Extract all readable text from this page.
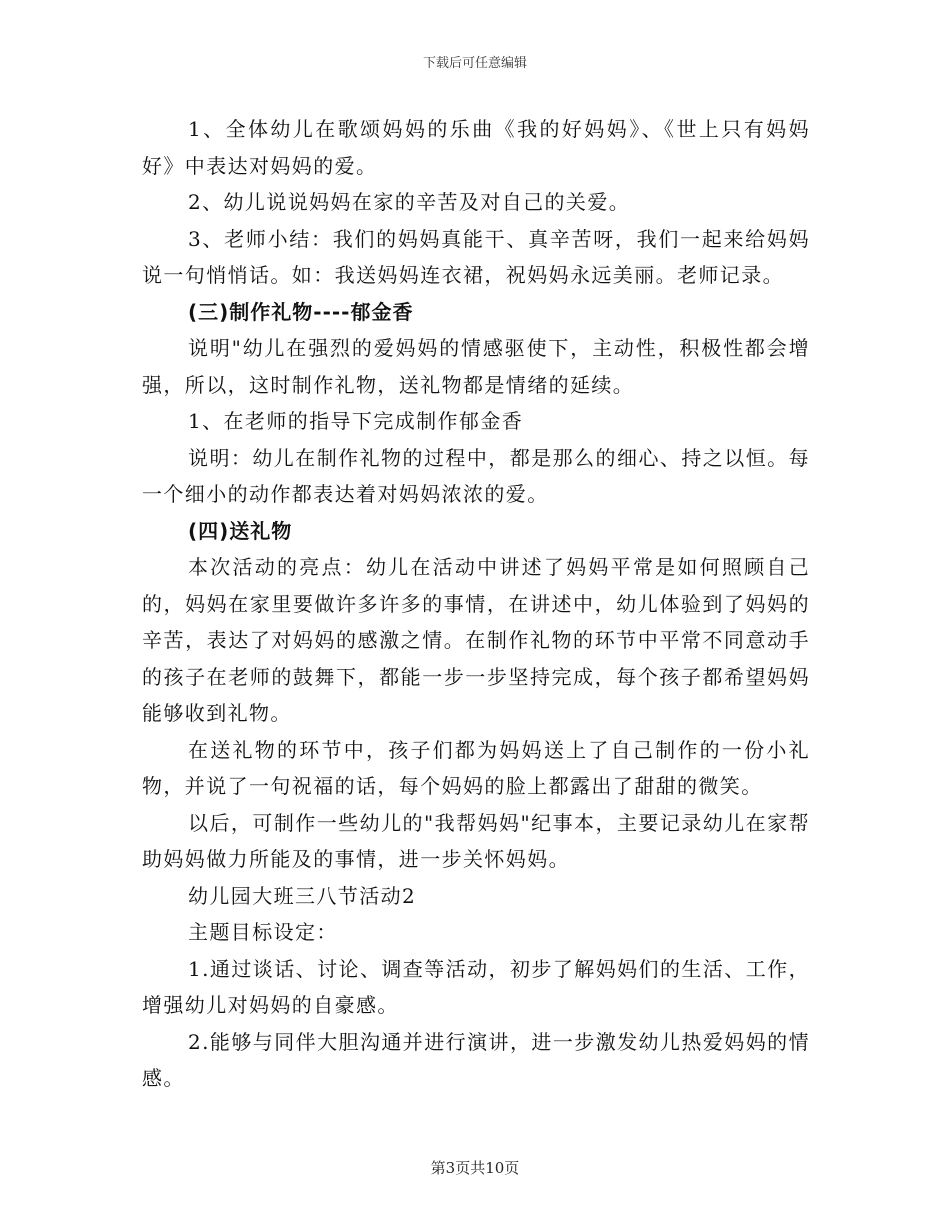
下载后可任意编辑

1、全体幼儿在歌颂妈妈的乐曲《我的好妈妈》、《世上只有妈妈好》中表达对妈妈的爱。

2、幼儿说说妈妈在家的辛苦及对自己的关爱。

3、老师小结：我们的妈妈真能干、真辛苦呀，我们一起来给妈妈说一句悄悄话。如：我送妈妈连衣裙，祝妈妈永远美丽。老师记录。

(三)制作礼物----郁金香

说明"幼儿在强烈的爱妈妈的情感驱使下，主动性，积极性都会增强，所以，这时制作礼物，送礼物都是情绪的延续。

1、在老师的指导下完成制作郁金香

说明：幼儿在制作礼物的过程中，都是那么的细心、持之以恒。每一个细小的动作都表达着对妈妈浓浓的爱。

(四)送礼物

本次活动的亮点：幼儿在活动中讲述了妈妈平常是如何照顾自己的，妈妈在家里要做许多许多的事情，在讲述中，幼儿体验到了妈妈的辛苦，表达了对妈妈的感激之情。在制作礼物的环节中平常不同意动手的孩子在老师的鼓舞下，都能一步一步坚持完成，每个孩子都希望妈妈能够收到礼物。

在送礼物的环节中，孩子们都为妈妈送上了自己制作的一份小礼物，并说了一句祝福的话，每个妈妈的脸上都露出了甜甜的微笑。

以后，可制作一些幼儿的"我帮妈妈"纪事本，主要记录幼儿在家帮助妈妈做力所能及的事情，进一步关怀妈妈。

幼儿园大班三八节活动2

主题目标设定：

1.通过谈话、讨论、调查等活动，初步了解妈妈们的生活、工作，增强幼儿对妈妈的自豪感。

2.能够与同伴大胆沟通并进行演讲，进一步激发幼儿热爱妈妈的情感。

第3页共10页
